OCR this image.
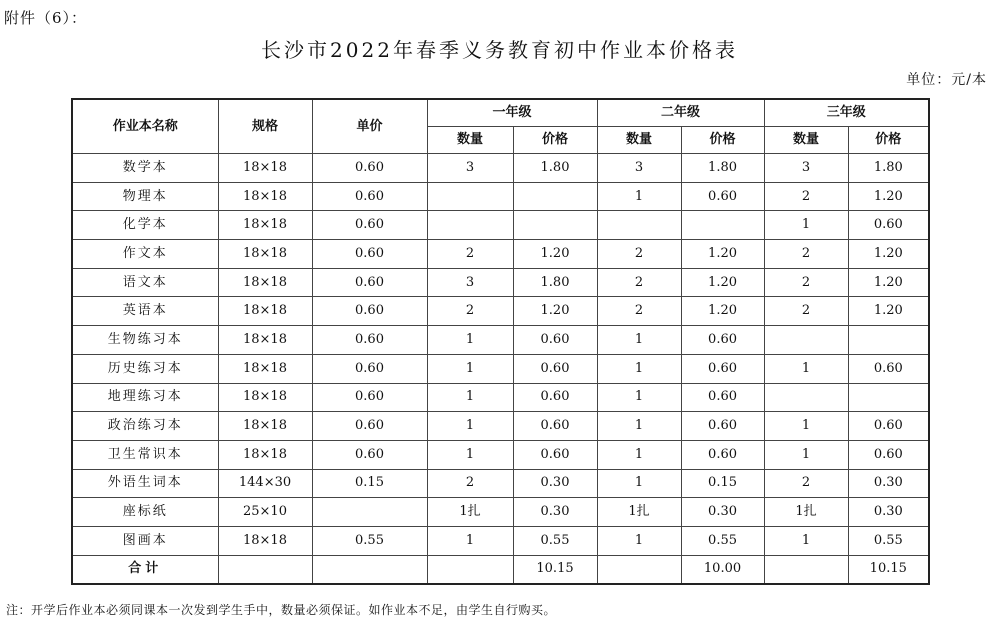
附件（6）：
长沙市2022年春季义务教育初中作业本价格表
单位：元/本
作业本名称	规格	单价	一年级		二年级		三年级	
			数量	价格	数量	价格	数量	价格
数学本	18×18	0.60	3	1.80	3	1.80	3	1.80
物理本	18×18	0.60			1	0.60	2	1.20
化学本	18×18	0.60					1	0.60
作文本	18×18	0.60	2	1.20	2	1.20	2	1.20
语文本	18×18	0.60	3	1.80	2	1.20	2	1.20
英语本	18×18	0.60	2	1.20	2	1.20	2	1.20
生物练习本	18×18	0.60	1	0.60	1	0.60		
历史练习本	18×18	0.60	1	0.60	1	0.60	1	0.60
地理练习本	18×18	0.60	1	0.60	1	0.60		
政治练习本	18×18	0.60	1	0.60	1	0.60	1	0.60
卫生常识本	18×18	0.60	1	0.60	1	0.60	1	0.60
外语生词本	144×30	0.15	2	0.30	1	0.15	2	0.30
座标纸	25×10		1扎	0.30	1扎	0.30	1扎	0.30
图画本	18×18	0.55	1	0.55	1	0.55	1	0.55
合计				10.15		10.00		10.15
注：开学后作业本必须同课本一次发到学生手中，数量必须保证。如作业本不足，由学生自行购买。
